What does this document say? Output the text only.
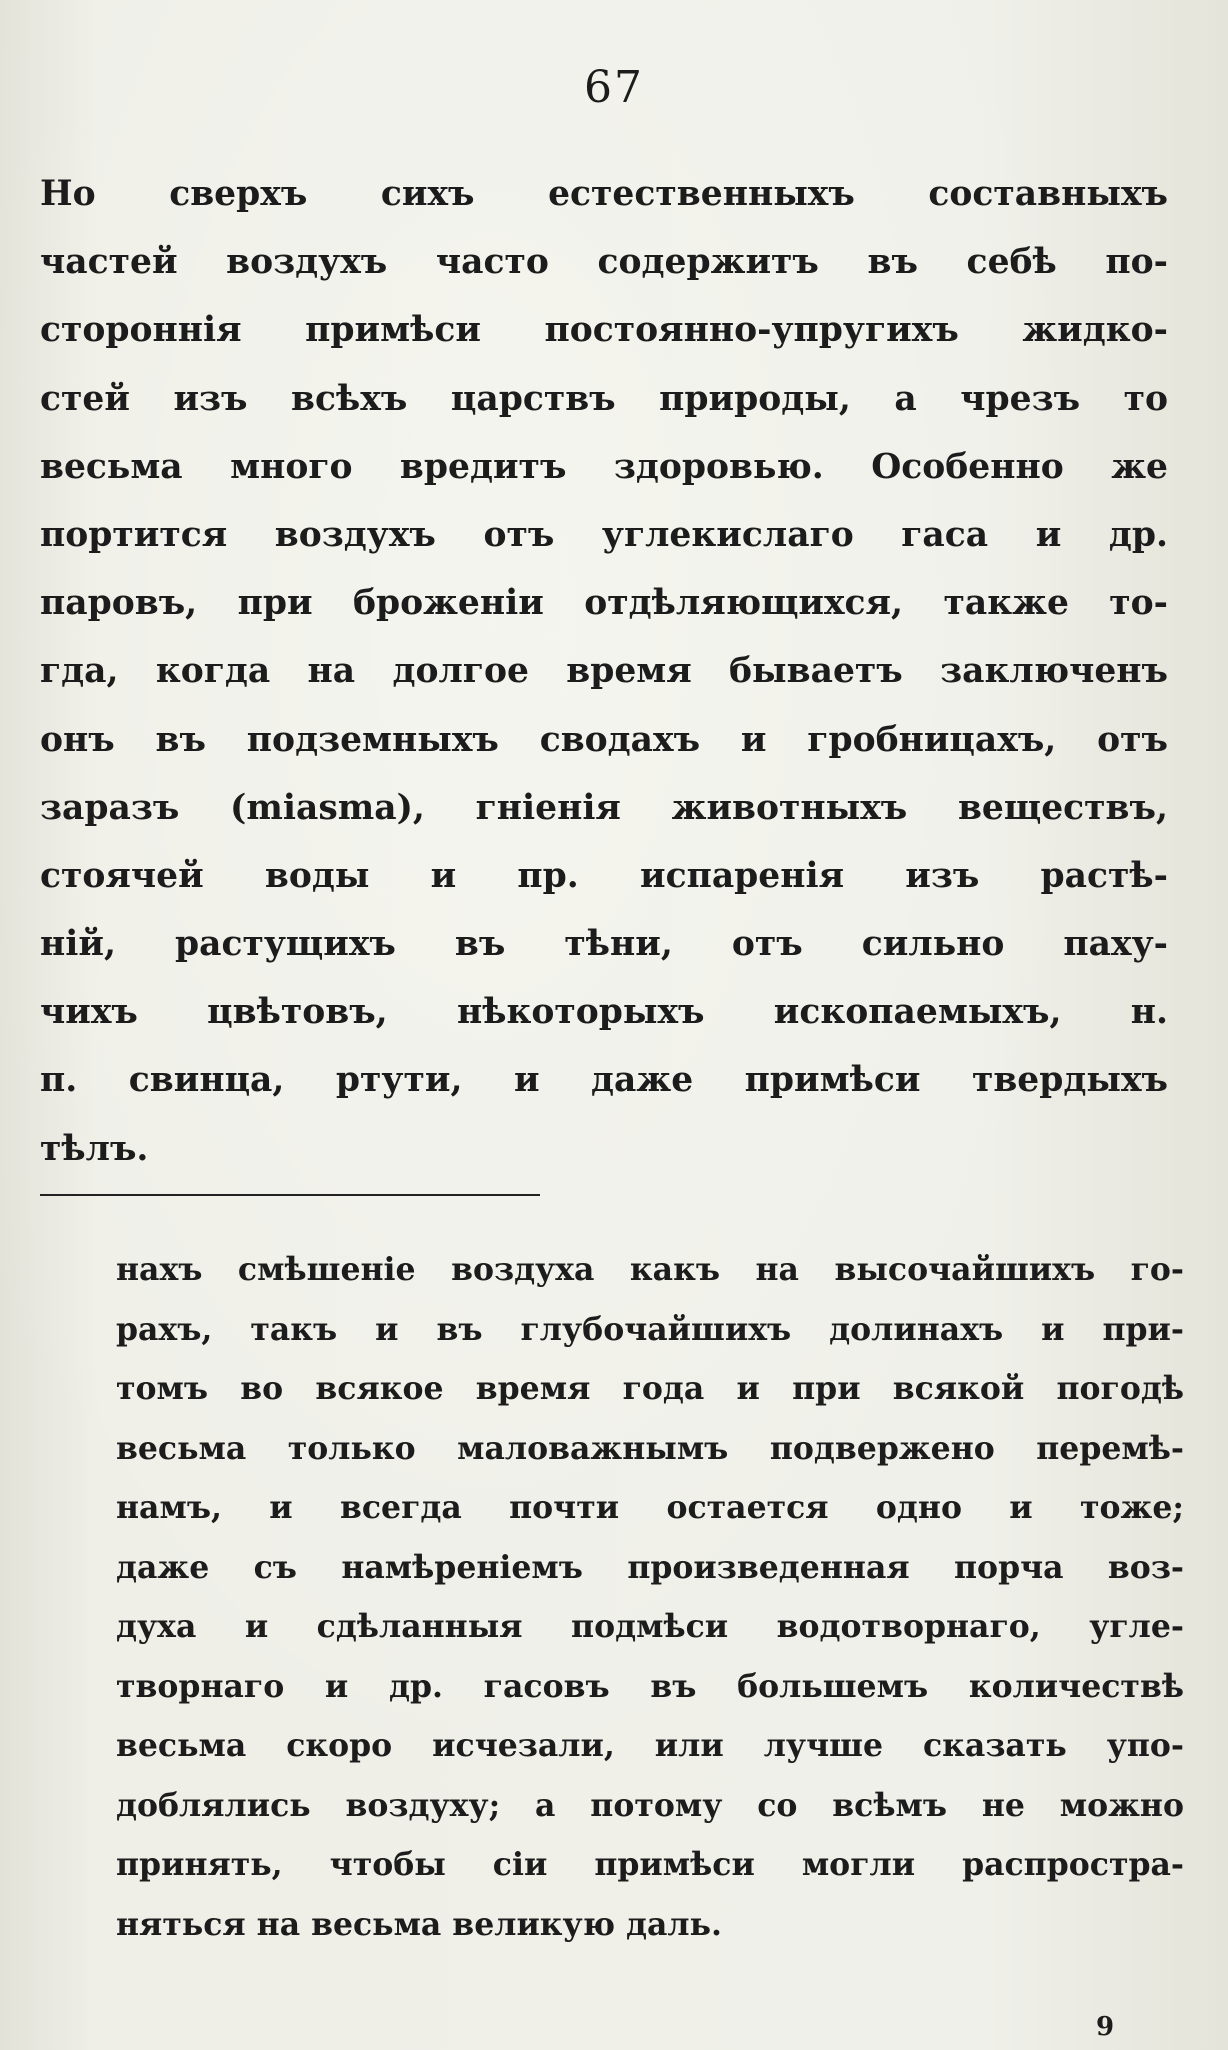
67
Но сверхъ сихъ естественныхъ составныхъ
частей воздухъ часто содержитъ въ себѣ по-
стороннія примѣси постоянно-упругихъ жидко-
стей изъ всѣхъ царствъ природы, а чрезъ то
весьма много вредитъ здоровью. Особенно же
портится воздухъ отъ углекислаго гаса и др.
паровъ, при броженіи отдѣляющихся, также то-
гда, когда на долгое время бываетъ заключенъ
онъ въ подземныхъ сводахъ и гробницахъ, отъ
заразъ (miasma), гніенія животныхъ веществъ,
стоячей воды и пр. испаренія изъ растѣ-
ній, растущихъ въ тѣни, отъ сильно паху-
чихъ цвѣтовъ, нѣкоторыхъ ископаемыхъ, н.
п. свинца, ртути, и даже примѣси твердыхъ
тѣлъ.
нахъ смѣшеніе воздуха какъ на высочайшихъ го-
рахъ, такъ и въ глубочайшихъ долинахъ и при-
томъ во всякое время года и при всякой погодѣ
весьма только маловажнымъ подвержено перемѣ-
намъ, и всегда почти остается одно и тоже;
даже съ намѣреніемъ произведенная порча воз-
духа и сдѣланныя подмѣси водотворнаго, угле-
творнаго и др. гасовъ въ большемъ количествѣ
весьма скоро исчезали, или лучше сказать упо-
доблялись воздуху; а потому со всѣмъ не можно
принять, чтобы сіи примѣси могли распростра-
няться на весьма великую даль.
9
